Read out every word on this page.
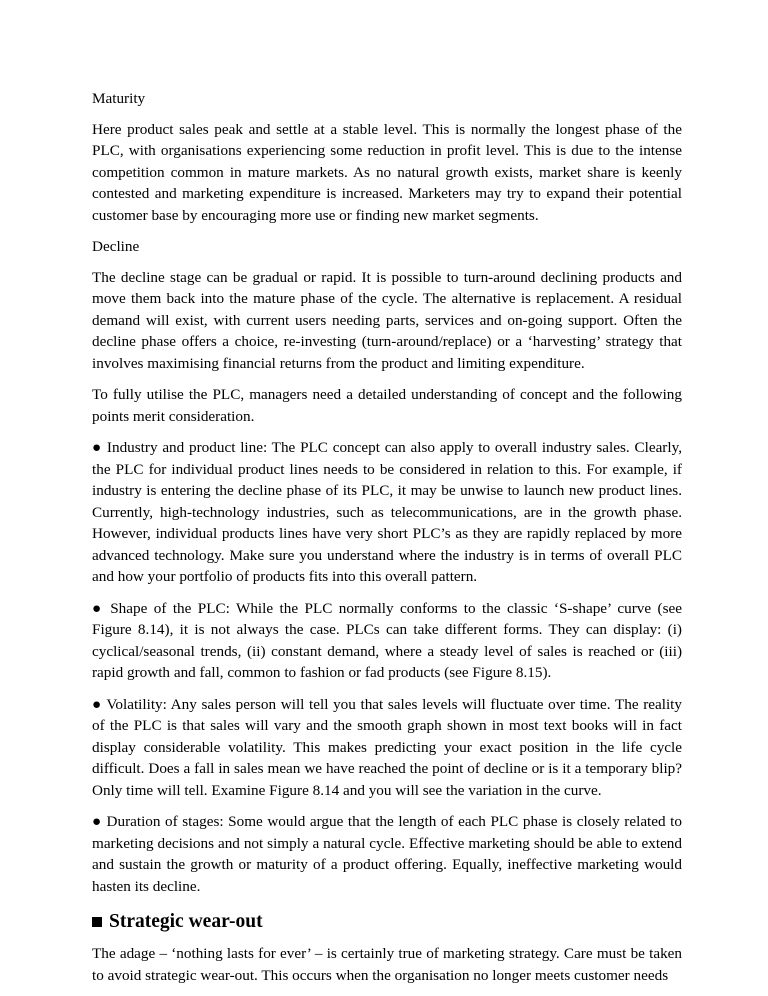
Maturity

Here product sales peak and settle at a stable level. This is normally the longest phase of the PLC, with organisations experiencing some reduction in profit level. This is due to the intense competition common in mature markets. As no natural growth exists, market share is keenly contested and marketing expenditure is increased. Marketers may try to expand their potential customer base by encouraging more use or finding new market segments.

Decline

The decline stage can be gradual or rapid. It is possible to turn-around declining products and move them back into the mature phase of the cycle. The alternative is replacement. A residual demand will exist, with current users needing parts, services and on-going support. Often the decline phase offers a choice, re-investing (turn-around/replace) or a ‘harvesting’ strategy that involves maximising financial returns from the product and limiting expenditure.

To fully utilise the PLC, managers need a detailed understanding of concept and the following points merit consideration.

● Industry and product line: The PLC concept can also apply to overall industry sales. Clearly, the PLC for individual product lines needs to be considered in relation to this. For example, if industry is entering the decline phase of its PLC, it may be unwise to launch new product lines. Currently, high-technology industries, such as telecommunications, are in the growth phase. However, individual products lines have very short PLC’s as they are rapidly replaced by more advanced technology. Make sure you understand where the industry is in terms of overall PLC and how your portfolio of products fits into this overall pattern.

● Shape of the PLC: While the PLC normally conforms to the classic ‘S-shape’ curve (see Figure 8.14), it is not always the case. PLCs can take different forms. They can display: (i) cyclical/seasonal trends, (ii) constant demand, where a steady level of sales is reached or (iii) rapid growth and fall, common to fashion or fad products (see Figure 8.15).

● Volatility: Any sales person will tell you that sales levels will fluctuate over time. The reality of the PLC is that sales will vary and the smooth graph shown in most text books will in fact display considerable volatility. This makes predicting your exact position in the life cycle difficult. Does a fall in sales mean we have reached the point of decline or is it a temporary blip? Only time will tell. Examine Figure 8.14 and you will see the variation in the curve.

● Duration of stages: Some would argue that the length of each PLC phase is closely related to marketing decisions and not simply a natural cycle. Effective marketing should be able to extend and sustain the growth or maturity of a product offering. Equally, ineffective marketing would hasten its decline.

Strategic wear-out

The adage – ‘nothing lasts for ever’ – is certainly true of marketing strategy. Care must be taken to avoid strategic wear-out. This occurs when the organisation no longer meets customer needs
